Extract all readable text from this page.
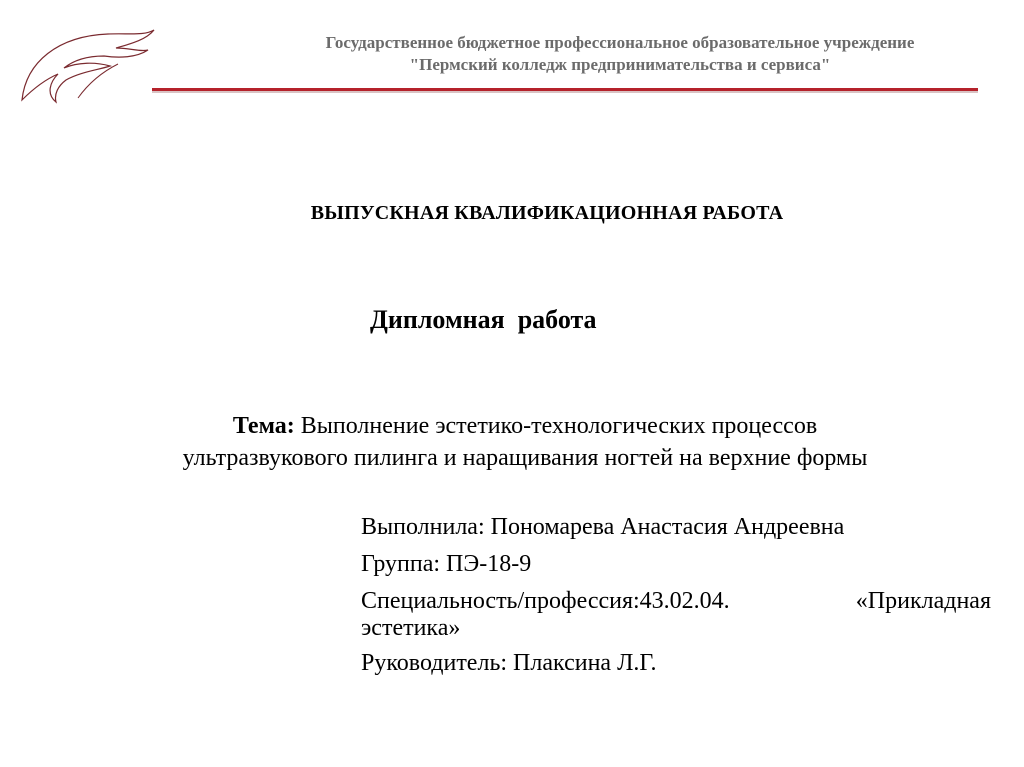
Государственное бюджетное профессиональное образовательное учреждение
"Пермский колледж предпринимательства и сервиса"
ВЫПУСКНАЯ КВАЛИФИКАЦИОННАЯ РАБОТА
Дипломная  работа
Тема: Выполнение эстетико-технологических процессов
ультразвукового пилинга и наращивания ногтей на верхние формы
Выполнила: Пономарева Анастасия Андреевна
Группа: ПЭ-18-9
Специальность/профессия:43.02.04.	«Прикладная
эстетика»
Руководитель: Плаксина Л.Г.
